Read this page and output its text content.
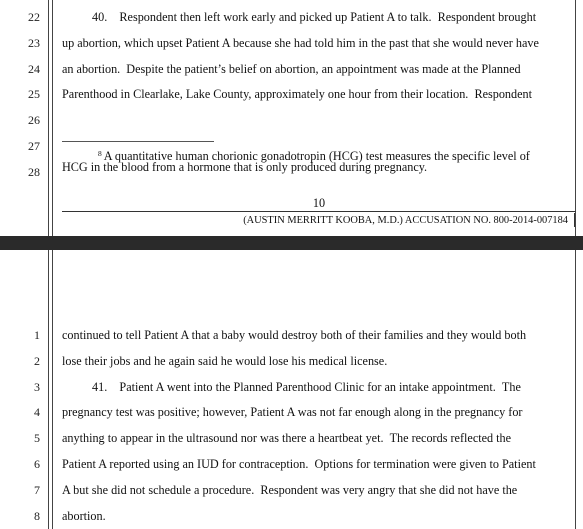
22	40. Respondent then left work early and picked up Patient A to talk. Respondent brought
23 up abortion, which upset Patient A because she had told him in the past that she would never have
24 an abortion. Despite the patient’s belief on abortion, an appointment was made at the Planned
25 Parenthood in Clearlake, Lake County, approximately one hour from their location. Respondent
26
27
28
$^8$ A quantitative human chorionic gonadotropin (HCG) test measures the specific level of
HCG in the blood from a hormone that is only produced during pregnancy.
10
(AUSTIN MERRITT KOOBA, M.D.) ACCUSATION NO. 800-2014-007184
1 continued to tell Patient A that a baby would destroy both of their families and they would both
2 lose their jobs and he again said he would lose his medical license.
3	41. Patient A went into the Planned Parenthood Clinic for an intake appointment. The
4 pregnancy test was positive; however, Patient A was not far enough along in the pregnancy for
5 anything to appear in the ultrasound nor was there a heartbeat yet. The records reflected the
6 Patient A reported using an IUD for contraception. Options for termination were given to Patient
7 A but she did not schedule a procedure. Respondent was very angry that she did not have the
8 abortion.
